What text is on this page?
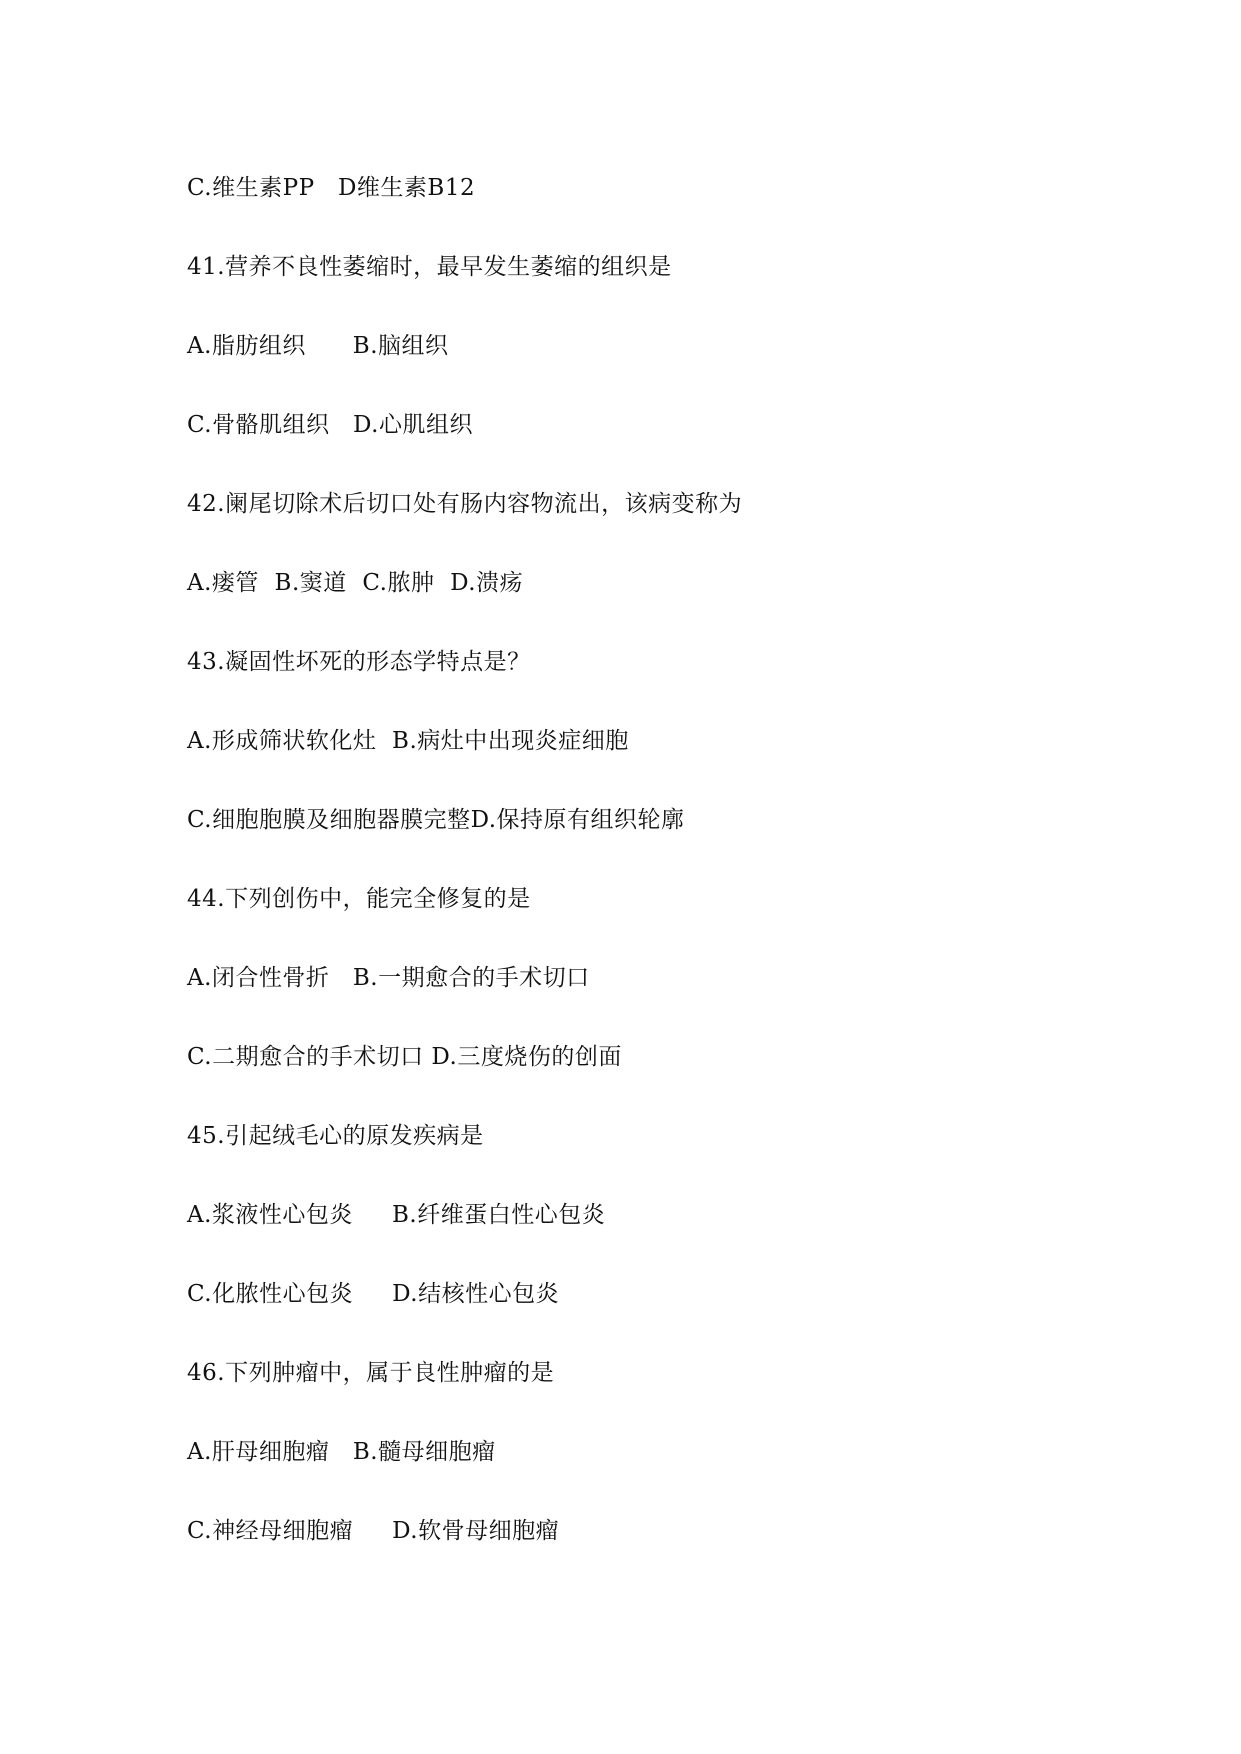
C.维生素PP   D维生素B12
41.营养不良性萎缩时，最早发生萎缩的组织是
A.脂肪组织      B.脑组织
C.骨骼肌组织   D.心肌组织
42.阑尾切除术后切口处有肠内容物流出，该病变称为
A.瘘管  B.窦道  C.脓肿  D.溃疡
43.凝固性坏死的形态学特点是？
A.形成筛状软化灶  B.病灶中出现炎症细胞
C.细胞胞膜及细胞器膜完整D.保持原有组织轮廓
44.下列创伤中，能完全修复的是
A.闭合性骨折   B.一期愈合的手术切口
C.二期愈合的手术切口 D.三度烧伤的创面
45.引起绒毛心的原发疾病是
A.浆液性心包炎     B.纤维蛋白性心包炎
C.化脓性心包炎     D.结核性心包炎
46.下列肿瘤中，属于良性肿瘤的是
A.肝母细胞瘤   B.髓母细胞瘤
C.神经母细胞瘤     D.软骨母细胞瘤
